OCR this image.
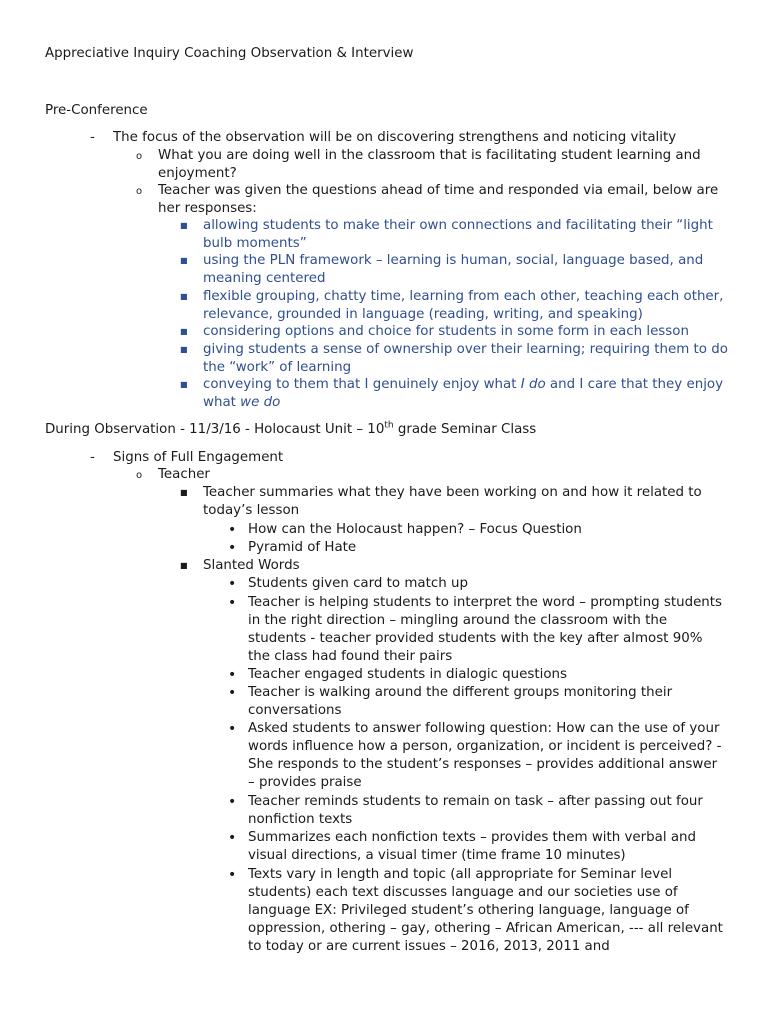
Appreciative Inquiry Coaching Observation & Interview
Pre-Conference
- The focus of the observation will be on discovering strengthens and noticing vitality
o What you are doing well in the classroom that is facilitating student learning and enjoyment?
o Teacher was given the questions ahead of time and responded via email, below are her responses:
■ allowing students to make their own connections and facilitating their “light bulb moments”
■ using the PLN framework – learning is human, social, language based, and meaning centered
■ flexible grouping, chatty time, learning from each other, teaching each other, relevance, grounded in language (reading, writing, and speaking)
■ considering options and choice for students in some form in each lesson
■ giving students a sense of ownership over their learning; requiring them to do the “work” of learning
■ conveying to them that I genuinely enjoy what I do and I care that they enjoy what we do
During Observation - 11/3/16 - Holocaust Unit – 10th grade Seminar Class
- Signs of Full Engagement
o Teacher
■ Teacher summaries what they have been working on and how it related to today’s lesson
• How can the Holocaust happen? – Focus Question
• Pyramid of Hate
■ Slanted Words
• Students given card to match up
• Teacher is helping students to interpret the word – prompting students in the right direction – mingling around the classroom with the students - teacher provided students with the key after almost 90% the class had found their pairs
• Teacher engaged students in dialogic questions
• Teacher is walking around the different groups monitoring their conversations
• Asked students to answer following question: How can the use of your words influence how a person, organization, or incident is perceived? - She responds to the student’s responses – provides additional answer – provides praise
• Teacher reminds students to remain on task – after passing out four nonfiction texts
• Summarizes each nonfiction texts – provides them with verbal and visual directions, a visual timer (time frame 10 minutes)
• Texts vary in length and topic (all appropriate for Seminar level students) each text discusses language and our societies use of language EX: Privileged student’s othering language, language of oppression, othering – gay, othering – African American, --- all relevant to today or are current issues – 2016, 2013, 2011 and
